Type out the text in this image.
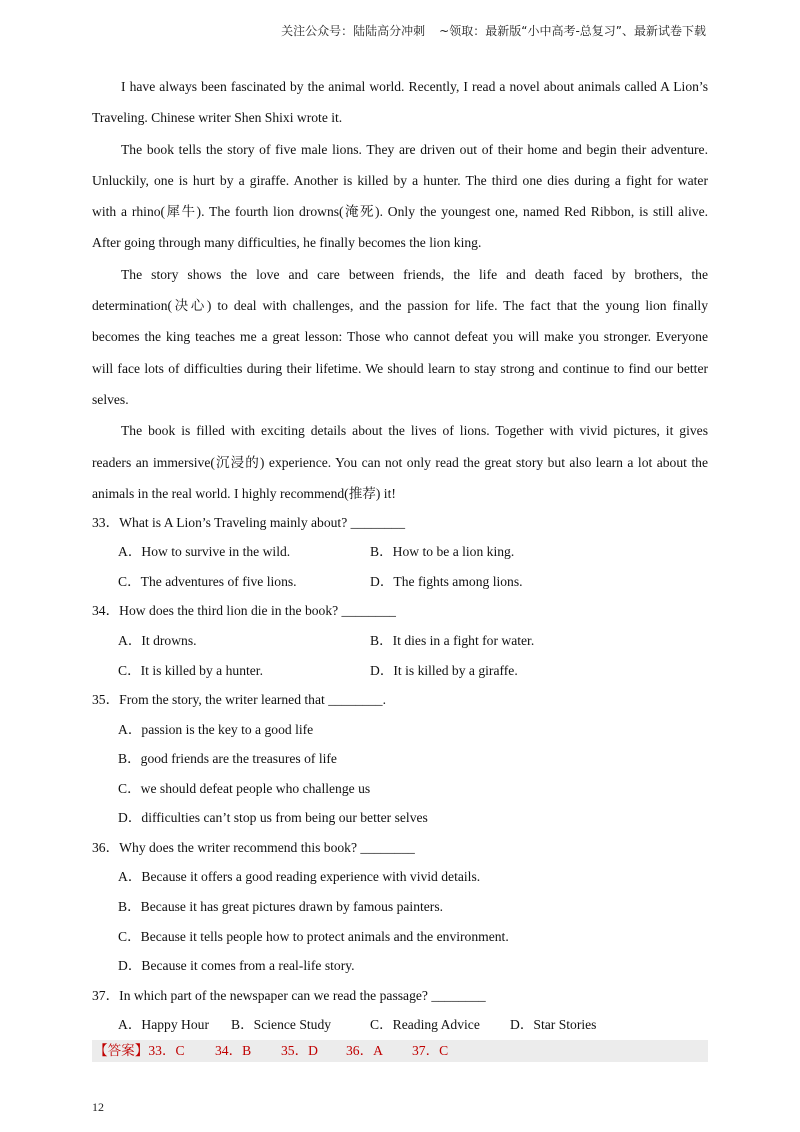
关注公众号：陆陆高分冲刺 ~领取：最新版“小中高考-总复习”、最新试卷下载
I have always been fascinated by the animal world. Recently, I read a novel about animals called A Lion’s
Traveling. Chinese writer Shen Shixi wrote it.
The book tells the story of five male lions. They are driven out of their home and begin their adventure.
Unluckily, one is hurt by a giraffe. Another is killed by a hunter. The third one dies during a fight for water
with a rhino(犀牛). The fourth lion drowns(淹死). Only the youngest one, named Red Ribbon, is still alive.
After going through many difficulties, he finally becomes the lion king.
The story shows the love and care between friends, the life and death faced by brothers, the
determination(决心) to deal with challenges, and the passion for life. The fact that the young lion finally
becomes the king teaches me a great lesson: Those who cannot defeat you will make you stronger. Everyone
will face lots of difficulties during their lifetime. We should learn to stay strong and continue to find our better
selves.
The book is filled with exciting details about the lives of lions. Together with vivid pictures, it gives
readers an immersive(沉浸的) experience. You can not only read the great story but also learn a lot about the
animals in the real world. I highly recommend(推荐) it!
33．What is A Lion’s Traveling mainly about? ________
A．How to survive in the wild.	B．How to be a lion king.
C．The adventures of five lions.	D．The fights among lions.
34．How does the third lion die in the book? ________
A．It drowns.	B．It dies in a fight for water.
C．It is killed by a hunter.	D．It is killed by a giraffe.
35．From the story, the writer learned that ________.
A．passion is the key to a good life
B．good friends are the treasures of life
C．we should defeat people who challenge us
D．difficulties can’t stop us from being our better selves
36．Why does the writer recommend this book? ________
A．Because it offers a good reading experience with vivid details.
B．Because it has great pictures drawn by famous painters.
C．Because it tells people how to protect animals and the environment.
D．Because it comes from a real-life story.
37．In which part of the newspaper can we read the passage? ________
A．Happy Hour B．Science Study	C．Reading Advice D．Star Stories
【答案】33．C 34．B 35．D 36．A 37．C
12
